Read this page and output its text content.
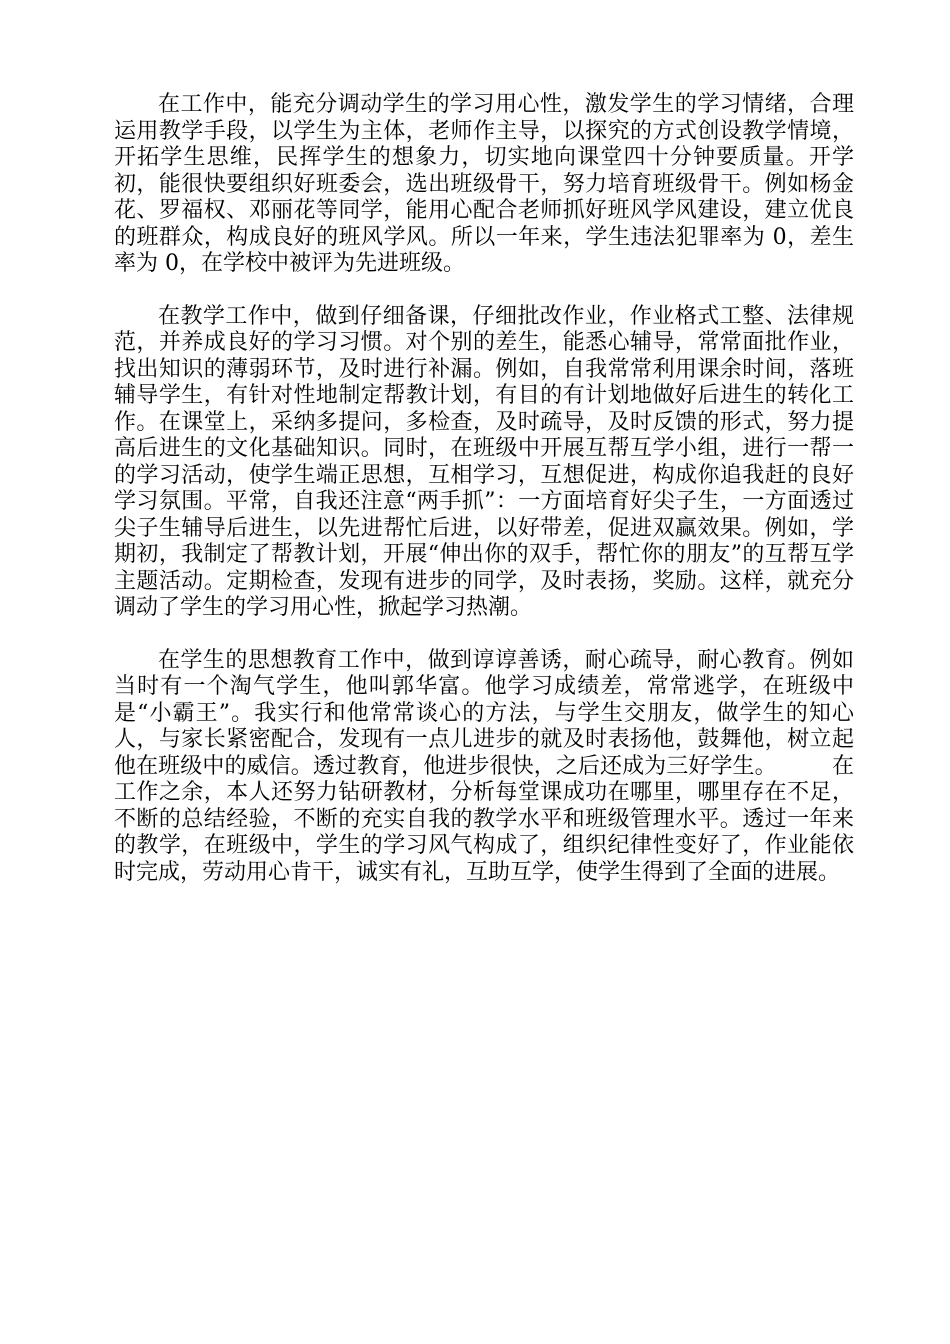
在工作中，能充分调动学生的学习用心性，激发学生的学习情绪，合理运用教学手段，以学生为主体，老师作主导，以探究的方式创设教学情境，开拓学生思维，民挥学生的想象力，切实地向课堂四十分钟要质量。开学初，能很快要组织好班委会，选出班级骨干，努力培育班级骨干。例如杨金花、罗福权、邓丽花等同学，能用心配合老师抓好班风学风建设，建立优良的班群众，构成良好的班风学风。所以一年来，学生违法犯罪率为 0，差生率为 0，在学校中被评为先进班级。

在教学工作中，做到仔细备课，仔细批改作业，作业格式工整、法律规范，并养成良好的学习习惯。对个别的差生，能悉心辅导，常常面批作业，找出知识的薄弱环节，及时进行补漏。例如，自我常常利用课余时间，落班辅导学生，有针对性地制定帮教计划，有目的有计划地做好后进生的转化工作。在课堂上，采纳多提问，多检查，及时疏导，及时反馈的形式，努力提高后进生的文化基础知识。同时，在班级中开展互帮互学小组，进行一帮一的学习活动，使学生端正思想，互相学习，互想促进，构成你追我赶的良好学习氛围。平常，自我还注意“两手抓”：一方面培育好尖子生，一方面透过尖子生辅导后进生，以先进帮忙后进，以好带差，促进双赢效果。例如，学期初，我制定了帮教计划，开展“伸出你的双手，帮忙你的朋友”的互帮互学主题活动。定期检查，发现有进步的同学，及时表扬，奖励。这样，就充分调动了学生的学习用心性，掀起学习热潮。

在学生的思想教育工作中，做到谆谆善诱，耐心疏导，耐心教育。例如当时有一个淘气学生，他叫郭华富。他学习成绩差，常常逃学，在班级中是“小霸王”。我实行和他常常谈心的方法，与学生交朋友，做学生的知心人，与家长紧密配合，发现有一点儿进步的就及时表扬他，鼓舞他，树立起他在班级中的威信。透过教育，他进步很快，之后还成为三好学生。　　　在工作之余，本人还努力钻研教材，分析每堂课成功在哪里，哪里存在不足，不断的总结经验，不断的充实自我的教学水平和班级管理水平。透过一年来的教学，在班级中，学生的学习风气构成了，组织纪律性变好了，作业能依时完成，劳动用心肯干，诚实有礼，互助互学，使学生得到了全面的进展。
